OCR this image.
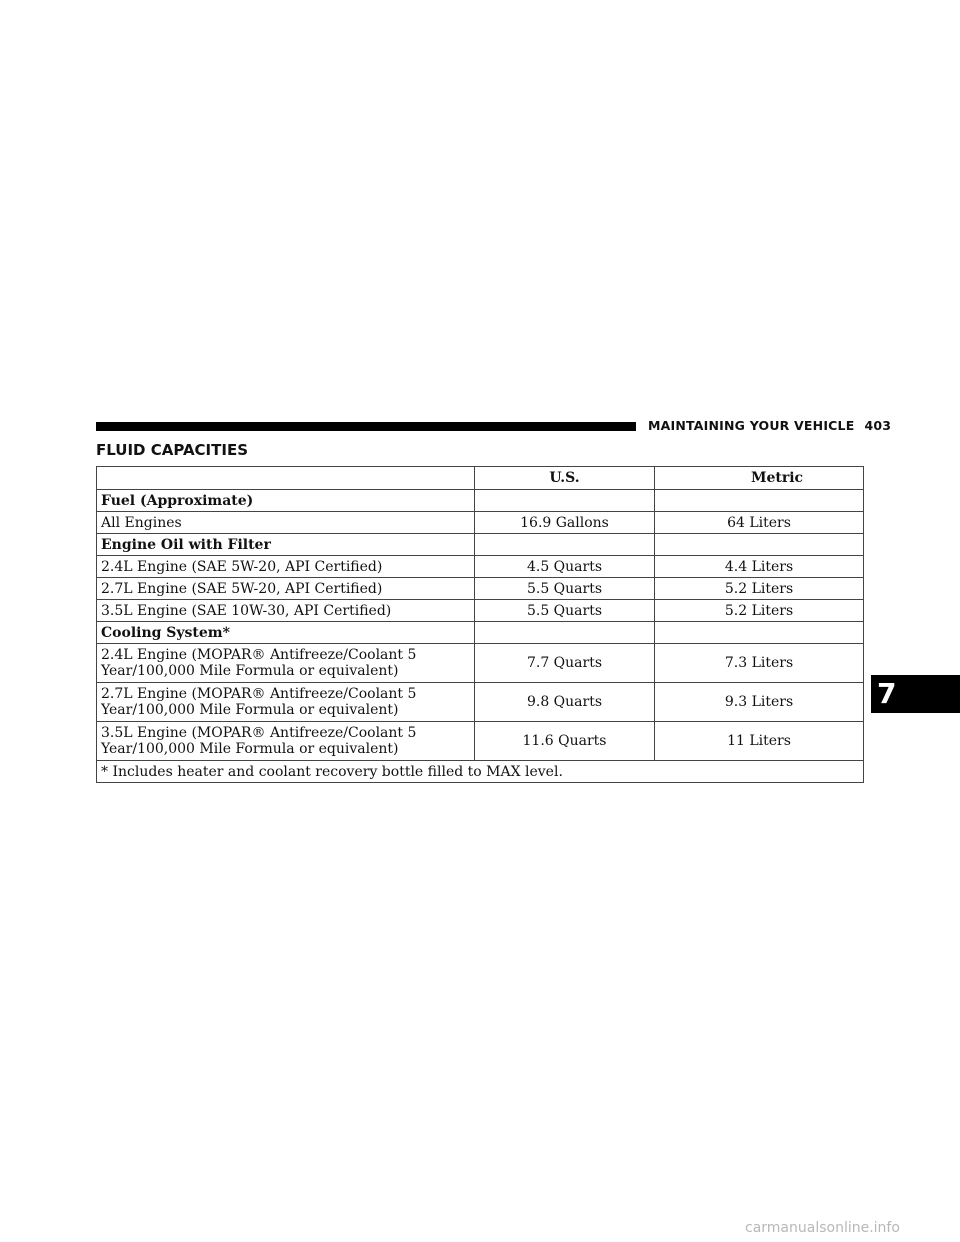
MAINTAINING YOUR VEHICLE 403
FLUID CAPACITIES
	U.S.	Metric
Fuel (Approximate)		
All Engines	16.9 Gallons	64 Liters
Engine Oil with Filter		
2.4L Engine (SAE 5W-20, API Certified)	4.5 Quarts	4.4 Liters
2.7L Engine (SAE 5W-20, API Certified)	5.5 Quarts	5.2 Liters
3.5L Engine (SAE 10W-30, API Certified)	5.5 Quarts	5.2 Liters
Cooling System*		
2.4L Engine (MOPAR® Antifreeze/Coolant 5
Year/100,000 Mile Formula or equivalent)	7.7 Quarts	7.3 Liters
2.7L Engine (MOPAR® Antifreeze/Coolant 5
Year/100,000 Mile Formula or equivalent)	9.8 Quarts	9.3 Liters
3.5L Engine (MOPAR® Antifreeze/Coolant 5
Year/100,000 Mile Formula or equivalent)	11.6 Quarts	11 Liters
* Includes heater and coolant recovery bottle filled to MAX level.		
7
carmanualsonline.info
